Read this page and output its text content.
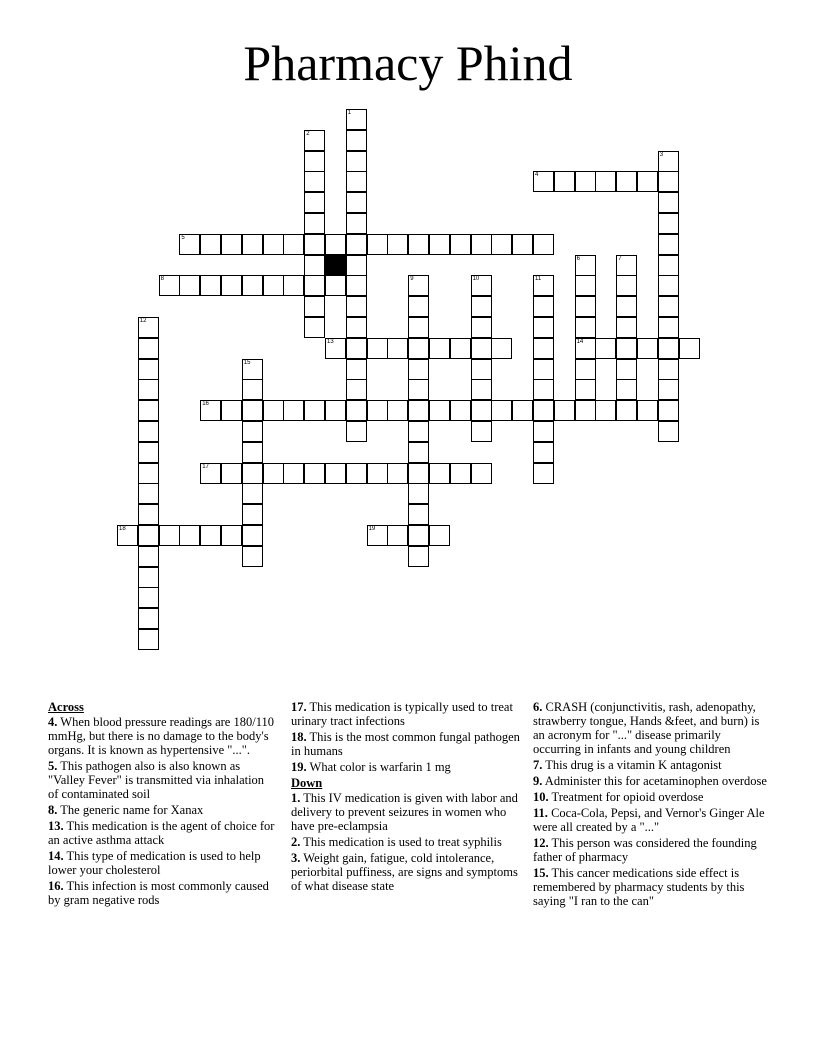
Pharmacy Phind
1
2
3
4
5
6
14
7
8	9	10	11
12
13
15
16
17
18	19
Across
4. When blood pressure readings are 180/110 mmHg, but there is no damage to the body's organs. It is known as hypertensive "...".
5. This pathogen also is also known as "Valley Fever" is transmitted via inhalation of contaminated soil
8. The generic name for Xanax
13. This medication is the agent of choice for an active asthma attack
14. This type of medication is used to help lower your cholesterol
16. This infection is most commonly caused by gram negative rods
17. This medication is typically used to treat urinary tract infections
18. This is the most common fungal pathogen in humans
19. What color is warfarin 1 mg
Down
1. This IV medication is given with labor and delivery to prevent seizures in women who have pre-eclampsia
2. This medication is used to treat syphilis
3. Weight gain, fatigue, cold intolerance, periorbital puffiness, are signs and symptoms of what disease state
6. CRASH (conjunctivitis, rash, adenopathy, strawberry tongue, Hands &feet, and burn) is an acronym for "..." disease primarily occurring in infants and young children
7. This drug is a vitamin K antagonist
9. Administer this for acetaminophen overdose
10. Treatment for opioid overdose
11. Coca-Cola, Pepsi, and Vernor's Ginger Ale were all created by a "..."
12. This person was considered the founding father of pharmacy
15. This cancer medications side effect is remembered by pharmacy students by this saying "I ran to the can"
